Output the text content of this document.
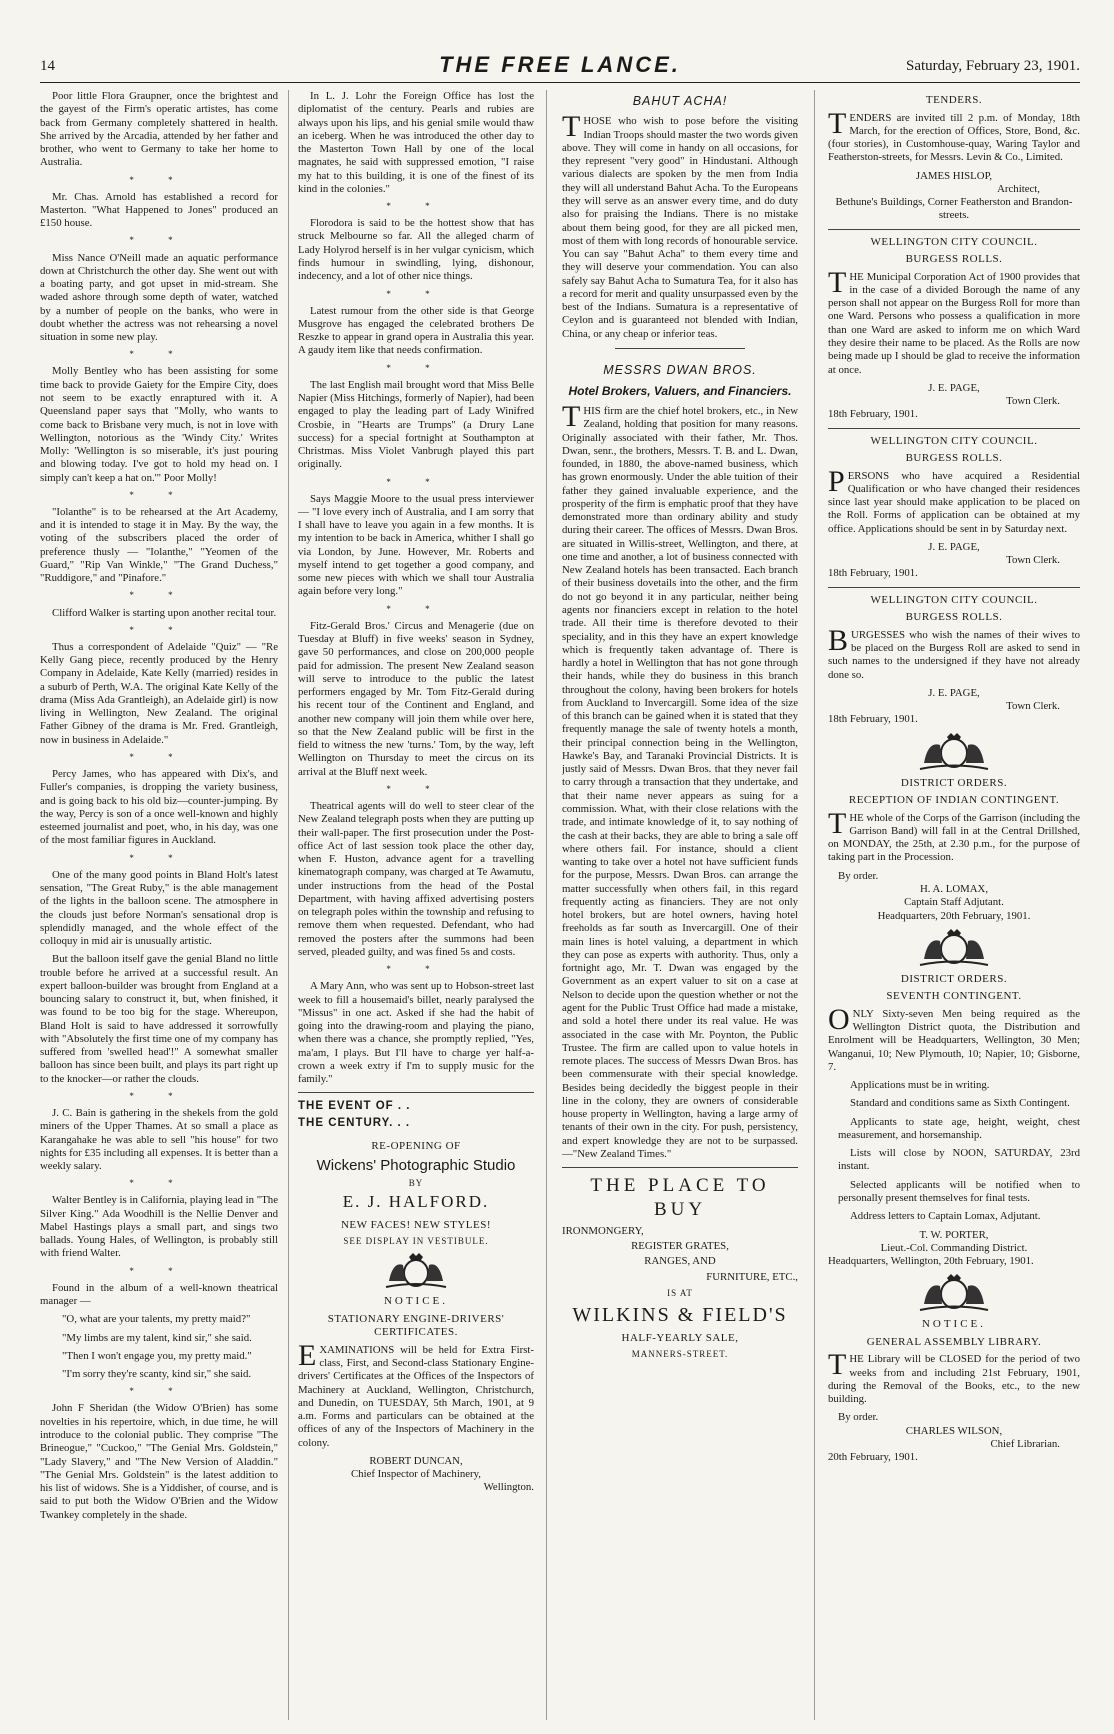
14	THE FREE LANCE.	Saturday, February 23, 1901.

Poor little Flora Graupner, once the brightest and the gayest of the Firm's operatic artistes, has come back from Germany completely shattered in health. She arrived by the Arcadia, attended by her father and brother, who went to Germany to take her home to Australia.

* *

Mr. Chas. Arnold has established a record for Masterton. "What Happened to Jones" produced an £150 house.

* *

Miss Nance O'Neill made an aquatic performance down at Christchurch the other day. She went out with a boating party, and got upset in mid-stream. She waded ashore through some depth of water, watched by a number of people on the banks, who were in doubt whether the actress was not rehearsing a novel situation in some new play.

* *

Molly Bentley who has been assisting for some time back to provide Gaiety for the Empire City, does not seem to be exactly enraptured with it. A Queensland paper says that "Molly, who wants to come back to Brisbane very much, is not in love with Wellington, notorious as the 'Windy City.' Writes Molly: 'Wellington is so miserable, it's just pouring and blowing today. I've got to hold my head on. I simply can't keep a hat on.'" Poor Molly!

* *

"Iolanthe" is to be rehearsed at the Art Academy, and it is intended to stage it in May. By the way, the voting of the subscribers placed the order of preference thusly — "Iolanthe," "Yeomen of the Guard," "Rip Van Winkle," "The Grand Duchess," "Ruddigore," and "Pinafore."

* *

Clifford Walker is starting upon another recital tour.

* *

Thus a correspondent of Adelaide "Quiz" — "Re Kelly Gang piece, recently produced by the Henry Company in Adelaide, Kate Kelly (married) resides in a suburb of Perth, W.A. The original Kate Kelly of the drama (Miss Ada Grantleigh), an Adelaide girl) is now living in Wellington, New Zealand. The original Father Gibney of the drama is Mr. Fred. Grantleigh, now in business in Adelaide."

* *

Percy James, who has appeared with Dix's, and Fuller's companies, is dropping the variety business, and is going back to his old biz—counter-jumping. By the way, Percy is son of a once well-known and highly esteemed journalist and poet, who, in his day, was one of the most familiar figures in Auckland.

* *

One of the many good points in Bland Holt's latest sensation, "The Great Ruby," is the able management of the lights in the balloon scene. The atmosphere in the clouds just before Norman's sensational drop is splendidly managed, and the whole effect of the colloquy in mid air is unusually artistic.

But the balloon itself gave the genial Bland no little trouble before he arrived at a successful result. An expert balloon-builder was brought from England at a bouncing salary to construct it, but, when finished, it was found to be too big for the stage. Whereupon, Bland Holt is said to have addressed it sorrowfully with "Absolutely the first time one of my company has suffered from 'swelled head'!" A somewhat smaller balloon has since been built, and plays its part right up to the knocker—or rather the clouds.

* *

J. C. Bain is gathering in the shekels from the gold miners of the Upper Thames. At so small a place as Karangahake he was able to sell "his house" for two nights for £35 including all expenses. It is better than a weekly salary.

* *

Walter Bentley is in California, playing lead in "The Silver King." Ada Woodhill is the Nellie Denver and Mabel Hastings plays a small part, and sings two ballads. Young Hales, of Wellington, is probably still with friend Walter.

* *

Found in the album of a well-known theatrical manager —

"O, what are your talents, my pretty maid?"

"My limbs are my talent, kind sir," she said.

"Then I won't engage you, my pretty maid."

"I'm sorry they're scanty, kind sir," she said.

* *

John F Sheridan (the Widow O'Brien) has some novelties in his repertoire, which, in due time, he will introduce to the colonial public. They comprise "The Brineogue," "Cuckoo," "The Genial Mrs. Goldstein," "Lady Slavery," and "The New Version of Aladdin." "The Genial Mrs. Goldstein" is the latest addition to his list of widows. She is a Yiddisher, of course, and is said to put both the Widow O'Brien and the Widow Twankey completely in the shade.

In L. J. Lohr the Foreign Office has lost the diplomatist of the century. Pearls and rubies are always upon his lips, and his genial smile would thaw an iceberg. When he was introduced the other day to the Masterton Town Hall by one of the local magnates, he said with suppressed emotion, "I raise my hat to this building, it is one of the finest of its kind in the colonies."

* *

Florodora is said to be the hottest show that has struck Melbourne so far. All the alleged charm of Lady Holyrod herself is in her vulgar cynicism, which finds humour in swindling, lying, dishonour, indecency, and a lot of other nice things.

* *

Latest rumour from the other side is that George Musgrove has engaged the celebrated brothers De Reszke to appear in grand opera in Australia this year. A gaudy item like that needs confirmation.

* *

The last English mail brought word that Miss Belle Napier (Miss Hitchings, formerly of Napier), had been engaged to play the leading part of Lady Winifred Crosbie, in "Hearts are Trumps" (a Drury Lane success) for a special fortnight at Southampton at Christmas. Miss Violet Vanbrugh played this part originally.

* *

Says Maggie Moore to the usual press interviewer — "I love every inch of Australia, and I am sorry that I shall have to leave you again in a few months. It is my intention to be back in America, whither I shall go via London, by June. However, Mr. Roberts and myself intend to get together a good company, and some new pieces with which we shall tour Australia again before very long."

* *

Fitz-Gerald Bros.' Circus and Menagerie (due on Tuesday at Bluff) in five weeks' season in Sydney, gave 50 performances, and close on 200,000 people paid for admission. The present New Zealand season will serve to introduce to the public the latest performers engaged by Mr. Tom Fitz-Gerald during his recent tour of the Continent and England, and another new company will join them while over here, so that the New Zealand public will be first in the field to witness the new 'turns.' Tom, by the way, left Wellington on Thursday to meet the circus on its arrival at the Bluff next week.

* *

Theatrical agents will do well to steer clear of the New Zealand telegraph posts when they are putting up their wall-paper. The first prosecution under the Post-office Act of last session took place the other day, when F. Huston, advance agent for a travelling kinematograph company, was charged at Te Awamutu, under instructions from the head of the Postal Department, with having affixed advertising posters on telegraph poles within the township and refusing to remove them when requested. Defendant, who had removed the posters after the summons had been served, pleaded guilty, and was fined 5s and costs.

* *

A Mary Ann, who was sent up to Hobson-street last week to fill a housemaid's billet, nearly paralysed the "Missus" in one act. Asked if she had the habit of going into the drawing-room and playing the piano, when there was a chance, she promptly replied, "Yes, ma'am, I plays. But I'll have to charge yer half-a-crown a week extry if I'm to supply music for the family."

THE EVENT OF . .
THE CENTURY. . .
RE-OPENING OF
Wickens' Photographic Studio
BY
E. J. HALFORD.
NEW FACES! NEW STYLES!
SEE DISPLAY IN VESTIBULE.
NOTICE.
STATIONARY ENGINE-DRIVERS' CERTIFICATES.

EXAMINATIONS will be held for Extra First-class, First, and Second-class Stationary Engine-drivers' Certificates at the Offices of the Inspectors of Machinery at Auckland, Wellington, Christchurch, and Dunedin, on TUESDAY, 5th March, 1901, at 9 a.m. Forms and particulars can be obtained at the offices of any of the Inspectors of Machinery in the colony.

ROBERT DUNCAN,

Chief Inspector of Machinery,

Wellington.

BAHUT ACHA!

THOSE who wish to pose before the visiting Indian Troops should master the two words given above. They will come in handy on all occasions, for they represent "very good" in Hindustani. Although various dialects are spoken by the men from India they will all understand Bahut Acha. To the Europeans they will serve as an answer every time, and do duty also for praising the Indians. There is no mistake about them being good, for they are all picked men, most of them with long records of honourable service. You can say "Bahut Acha" to them every time and they will deserve your commendation. You can also safely say Bahut Acha to Sumatura Tea, for it also has a record for merit and quality unsurpassed even by the best of the Indians. Sumatura is a representative of Ceylon and is guaranteed not blended with Indian, China, or any cheap or inferior teas.

MESSRS DWAN BROS.
Hotel Brokers, Valuers, and Financiers.

THIS firm are the chief hotel brokers, etc., in New Zealand, holding that position for many reasons. Originally associated with their father, Mr. Thos. Dwan, senr., the brothers, Messrs. T. B. and L. Dwan, founded, in 1880, the above-named business, which has grown enormously. Under the able tuition of their father they gained invaluable experience, and the prosperity of the firm is emphatic proof that they have demonstrated more than ordinary ability and study during their career. The offices of Messrs. Dwan Bros. are situated in Willis-street, Wellington, and there, at one time and another, a lot of business connected with New Zealand hotels has been transacted. Each branch of their business dovetails into the other, and the firm do not go beyond it in any particular, neither being agents nor financiers except in relation to the hotel trade. All their time is therefore devoted to their speciality, and in this they have an expert knowledge which is frequently taken advantage of. There is hardly a hotel in Wellington that has not gone through their hands, while they do business in this branch throughout the colony, having been brokers for hotels from Auckland to Invercargill. Some idea of the size of this branch can be gained when it is stated that they frequently manage the sale of twenty hotels a month, their principal connection being in the Wellington, Hawke's Bay, and Taranaki Provincial Districts. It is justly said of Messrs. Dwan Bros. that they never fail to carry through a transaction that they undertake, and that their name never appears as suing for a commission. What, with their close relations with the trade, and intimate knowledge of it, to say nothing of the cash at their backs, they are able to bring a sale off where others fail. For instance, should a client wanting to take over a hotel not have sufficient funds for the purpose, Messrs. Dwan Bros. can arrange the matter successfully when others fail, in this regard frequently acting as financiers. They are not only hotel brokers, but are hotel owners, having hotel freeholds as far south as Invercargill. One of their main lines is hotel valuing, a department in which they can pose as experts with authority. Thus, only a fortnight ago, Mr. T. Dwan was engaged by the Government as an expert valuer to sit on a case at Nelson to decide upon the question whether or not the agent for the Public Trust Office had made a mistake, and sold a hotel there under its real value. He was associated in the case with Mr. Poynton, the Public Trustee. The firm are called upon to value hotels in remote places. The success of Messrs Dwan Bros. has been commensurate with their special knowledge. Besides being decidedly the biggest people in their line in the colony, they are owners of considerable house property in Wellington, having a large army of tenants of their own in the city. For push, persistency, and expert knowledge they are not to be surpassed.—"New Zealand Times."

THE PLACE TO BUY

IRONMONGERY,

REGISTER GRATES,

RANGES, AND

FURNITURE, ETC.,

IS AT

WILKINS & FIELD'S
HALF-YEARLY SALE,
MANNERS-STREET.
TENDERS.

TENDERS are invited till 2 p.m. of Monday, 18th March, for the erection of Offices, Store, Bond, &c. (four stories), in Customhouse-quay, Waring Taylor and Featherston-streets, for Messrs. Levin & Co., Limited.

JAMES HISLOP,

Architect,

Bethune's Buildings, Corner Featherston and Brandon-streets.

WELLINGTON CITY COUNCIL.
BURGESS ROLLS.

THE Municipal Corporation Act of 1900 provides that in the case of a divided Borough the name of any person shall not appear on the Burgess Roll for more than one Ward. Persons who possess a qualification in more than one Ward are asked to inform me on which Ward they desire their name to be placed. As the Rolls are now being made up I should be glad to receive the information at once.

J. E. PAGE,

Town Clerk.

18th February, 1901.

WELLINGTON CITY COUNCIL.
BURGESS ROLLS.

PERSONS who have acquired a Residential Qualification or who have changed their residences since last year should make application to be placed on the Roll. Forms of application can be obtained at my office. Applications should be sent in by Saturday next.

J. E. PAGE,

Town Clerk.

18th February, 1901.

WELLINGTON CITY COUNCIL.
BURGESS ROLLS.

BURGESSES who wish the names of their wives to be placed on the Burgess Roll are asked to send in such names to the undersigned if they have not already done so.

J. E. PAGE,

Town Clerk.

18th February, 1901.

DISTRICT ORDERS.
RECEPTION OF INDIAN CONTINGENT.

THE whole of the Corps of the Garrison (including the Garrison Band) will fall in at the Central Drillshed, on MONDAY, the 25th, at 2.30 p.m., for the purpose of taking part in the Procession.

By order.

H. A. LOMAX,

Captain Staff Adjutant.

Headquarters, 20th February, 1901.

DISTRICT ORDERS.
SEVENTH CONTINGENT.

ONLY Sixty-seven Men being required as the Wellington District quota, the Distribution and Enrolment will be Headquarters, Wellington, 30 Men; Wanganui, 10; New Plymouth, 10; Napier, 10; Gisborne, 7.

Applications must be in writing.

Standard and conditions same as Sixth Contingent.

Applicants to state age, height, weight, chest measurement, and horsemanship.

Lists will close by NOON, SATURDAY, 23rd instant.

Selected applicants will be notified when to personally present themselves for final tests.

Address letters to Captain Lomax, Adjutant.

T. W. PORTER,

Lieut.-Col. Commanding District.

Headquarters, Wellington, 20th February, 1901.

NOTICE.
GENERAL ASSEMBLY LIBRARY.

THE Library will be CLOSED for the period of two weeks from and including 21st February, 1901, during the Removal of the Books, etc., to the new building.

By order.

CHARLES WILSON,

Chief Librarian.

20th February, 1901.
